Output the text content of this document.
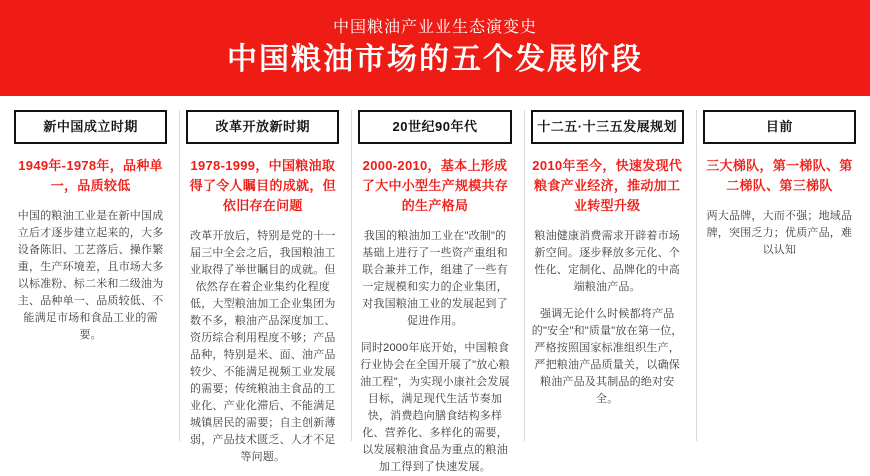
中国粮油产业业生态演变史
中国粮油市场的五个发展阶段
新中国成立时期
1949年-1978年，品种单一，品质较低

中国的粮油工业是在新中国成立后才逐步建立起来的，大多设备陈旧、工艺落后、操作繁重，生产环境差，且市场大多以标准粉、标二米和二级油为主、品种单一、品质较低、不能满足市场和食品工业的需要。

改革开放新时期
1978-1999，中国粮油取得了令人瞩目的成就，但依旧存在问题

改革开放后，特别是党的十一届三中全会之后，我国粮油工业取得了举世瞩目的成就。但依然存在着企业集约化程度低，大型粮油加工企业集团为数不多，粮油产品深度加工、资历综合利用程度不够；产品品种，特别是米、面、油产品较少、不能满足视频工业发展的需要；传统粮油主食品的工业化、产业化滞后、不能满足城镇居民的需要；自主创新薄弱，产品技术匮乏、人才不足等问题。

20世纪90年代
2000-2010，基本上形成了大中小型生产规模共存的生产格局

我国的粮油加工业在"改制"的基础上进行了一些资产重组和联合兼并工作，组建了一些有一定规模和实力的企业集团，对我国粮油工业的发展起到了促进作用。

同时2000年底开始，中国粮食行业协会在全国开展了"放心粮油工程"，为实现小康社会发展目标，满足现代生活节奏加快，消费趋向膳食结构多样化、营养化、多样化的需要，以发展粮油食品为重点的粮油加工得到了快速发展。

十二五·十三五发展规划
2010年至今，快速发现代粮食产业经济，推动加工业转型升级

粮油健康消费需求开辟着市场新空间。逐步释放多元化、个性化、定制化、品牌化的中高端粮油产品。

强调无论什么时候都将产品的"安全"和"质量"放在第一位，严格按照国家标准组织生产，严把粮油产品质量关，以确保粮油产品及其制品的绝对安全。

目前
三大梯队，第一梯队、第二梯队、第三梯队

两大品牌，大而不强；地域品牌，突围乏力；优质产品，难以认知
